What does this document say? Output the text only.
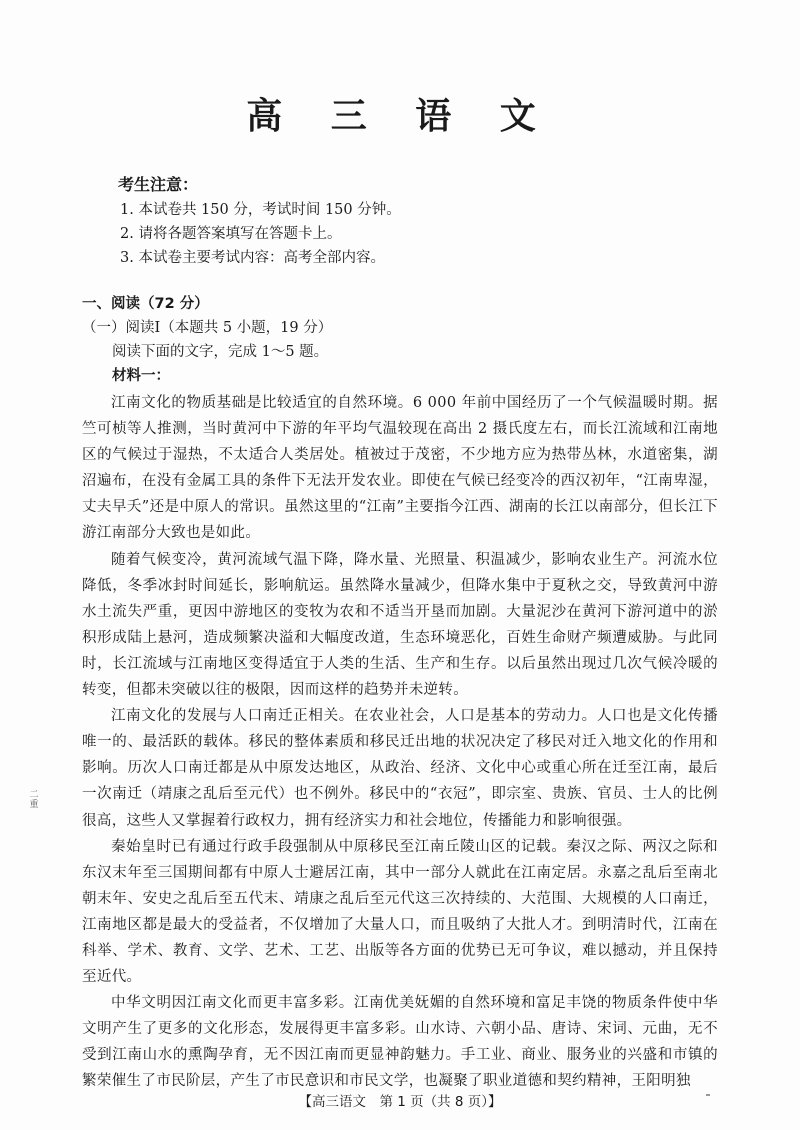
高 三 语 文
考生注意：
1. 本试卷共 150 分，考试时间 150 分钟。
2. 请将各题答案填写在答题卡上。
3. 本试卷主要考试内容：高考全部内容。
一、阅读（72 分）
（一）阅读Ⅰ（本题共 5 小题，19 分）
阅读下面的文字，完成 1～5 题。
材料一：

江南文化的物质基础是比较适宜的自然环境。6 000 年前中国经历了一个气候温暖时期。据竺可桢等人推测，当时黄河中下游的年平均气温较现在高出 2 摄氏度左右，而长江流域和江南地区的气候过于湿热，不太适合人类居处。植被过于茂密，不少地方应为热带丛林，水道密集，湖沼遍布，在没有金属工具的条件下无法开发农业。即使在气候已经变冷的西汉初年，“江南卑湿，丈夫早夭”还是中原人的常识。虽然这里的“江南”主要指今江西、湖南的长江以南部分，但长江下游江南部分大致也是如此。

随着气候变冷，黄河流域气温下降，降水量、光照量、积温减少，影响农业生产。河流水位降低，冬季冰封时间延长，影响航运。虽然降水量减少，但降水集中于夏秋之交，导致黄河中游水土流失严重，更因中游地区的变牧为农和不适当开垦而加剧。大量泥沙在黄河下游河道中的淤积形成陆上悬河，造成频繁决溢和大幅度改道，生态环境恶化，百姓生命财产频遭威胁。与此同时，长江流域与江南地区变得适宜于人类的生活、生产和生存。以后虽然出现过几次气候冷暖的转变，但都未突破以往的极限，因而这样的趋势并未逆转。

江南文化的发展与人口南迁正相关。在农业社会，人口是基本的劳动力。人口也是文化传播唯一的、最活跃的载体。移民的整体素质和移民迁出地的状况决定了移民对迁入地文化的作用和影响。历次人口南迁都是从中原发达地区，从政治、经济、文化中心或重心所在迁至江南，最后一次南迁（靖康之乱后至元代）也不例外。移民中的“衣冠”，即宗室、贵族、官员、士人的比例很高，这些人又掌握着行政权力，拥有经济实力和社会地位，传播能力和影响很强。

秦始皇时已有通过行政手段强制从中原移民至江南丘陵山区的记载。秦汉之际、两汉之际和东汉末年至三国期间都有中原人士避居江南，其中一部分人就此在江南定居。永嘉之乱后至南北朝末年、安史之乱后至五代末、靖康之乱后至元代这三次持续的、大范围、大规模的人口南迁，江南地区都是最大的受益者，不仅增加了大量人口，而且吸纳了大批人才。到明清时代，江南在科举、学术、教育、文学、艺术、工艺、出版等各方面的优势已无可争议，难以撼动，并且保持至近代。

中华文明因江南文化而更丰富多彩。江南优美妩媚的自然环境和富足丰饶的物质条件使中华文明产生了更多的文化形态，发展得更丰富多彩。山水诗、六朝小品、唐诗、宋词、元曲，无不受到江南山水的熏陶孕育，无不因江南而更显神韵魅力。手工业、商业、服务业的兴盛和市镇的繁荣催生了市民阶层，产生了市民意识和市民文学，也凝聚了职业道德和契约精神，王阳明独

二重
【高三语文　第 1 页（共 8 页）】
